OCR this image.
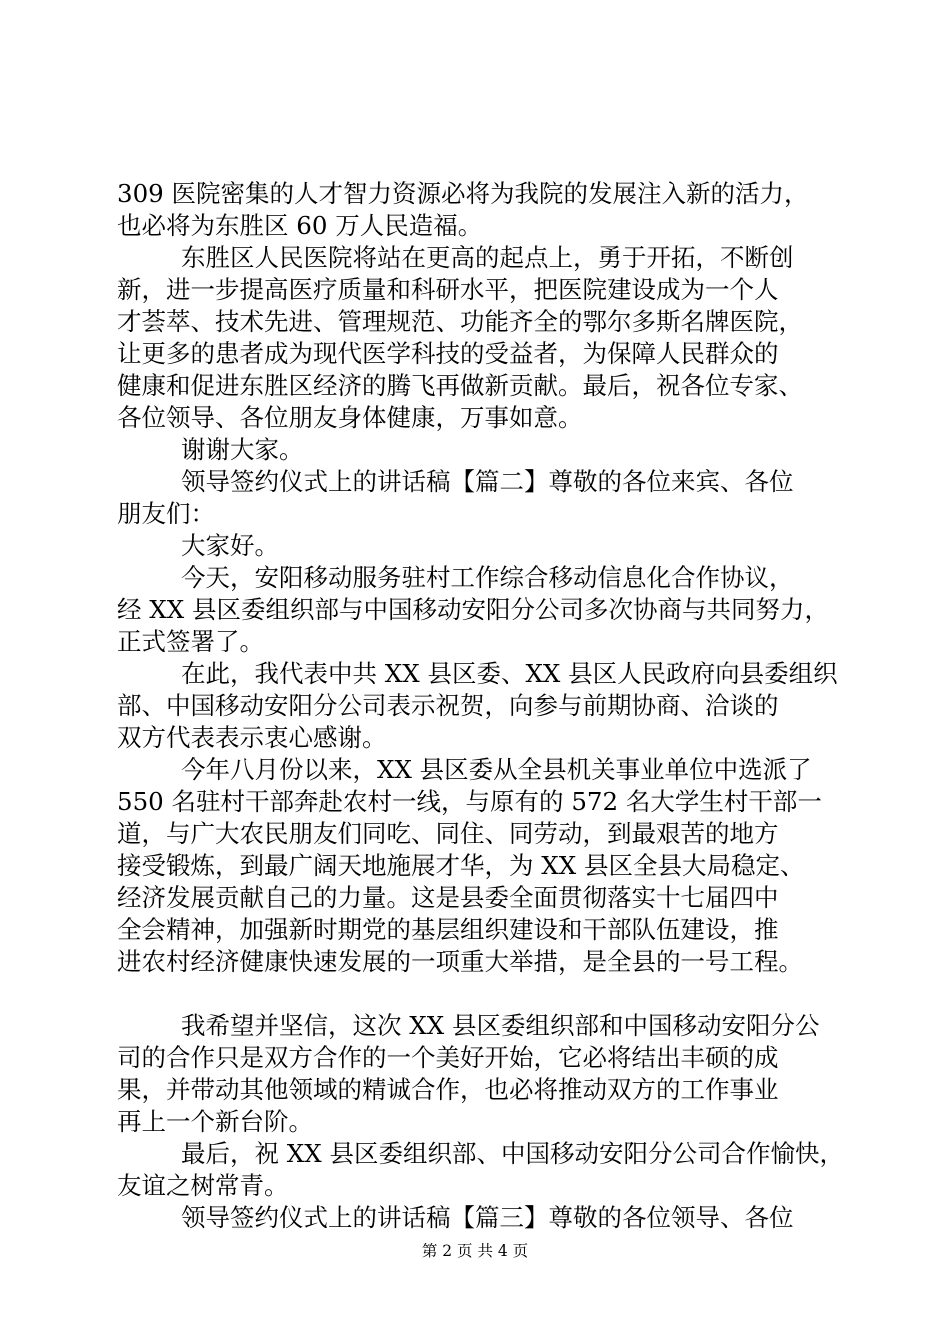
309 医院密集的人才智力资源必将为我院的发展注入新的活力，
也必将为东胜区 60 万人民造福。
东胜区人民医院将站在更高的起点上，勇于开拓，不断创
新，进一步提高医疗质量和科研水平，把医院建设成为一个人
才荟萃、技术先进、管理规范、功能齐全的鄂尔多斯名牌医院，
让更多的患者成为现代医学科技的受益者，为保障人民群众的
健康和促进东胜区经济的腾飞再做新贡献。最后，祝各位专家、
各位领导、各位朋友身体健康，万事如意。
谢谢大家。
领导签约仪式上的讲话稿【篇二】尊敬的各位来宾、各位
朋友们：
大家好。
今天，安阳移动服务驻村工作综合移动信息化合作协议，
经 XX 县区委组织部与中国移动安阳分公司多次协商与共同努力，
正式签署了。
在此，我代表中共 XX 县区委、XX 县区人民政府向县委组织
部、中国移动安阳分公司表示祝贺，向参与前期协商、洽谈的
双方代表表示衷心感谢。
今年八月份以来，XX 县区委从全县机关事业单位中选派了
550 名驻村干部奔赴农村一线，与原有的 572 名大学生村干部一
道，与广大农民朋友们同吃、同住、同劳动，到最艰苦的地方
接受锻炼，到最广阔天地施展才华，为 XX 县区全县大局稳定、
经济发展贡献自己的力量。这是县委全面贯彻落实十七届四中
全会精神，加强新时期党的基层组织建设和干部队伍建设，推
进农村经济健康快速发展的一项重大举措，是全县的一号工程。
我希望并坚信，这次 XX 县区委组织部和中国移动安阳分公
司的合作只是双方合作的一个美好开始，它必将结出丰硕的成
果，并带动其他领域的精诚合作，也必将推动双方的工作事业
再上一个新台阶。
最后，祝 XX 县区委组织部、中国移动安阳分公司合作愉快，
友谊之树常青。
领导签约仪式上的讲话稿【篇三】尊敬的各位领导、各位
第 2 页 共 4 页
